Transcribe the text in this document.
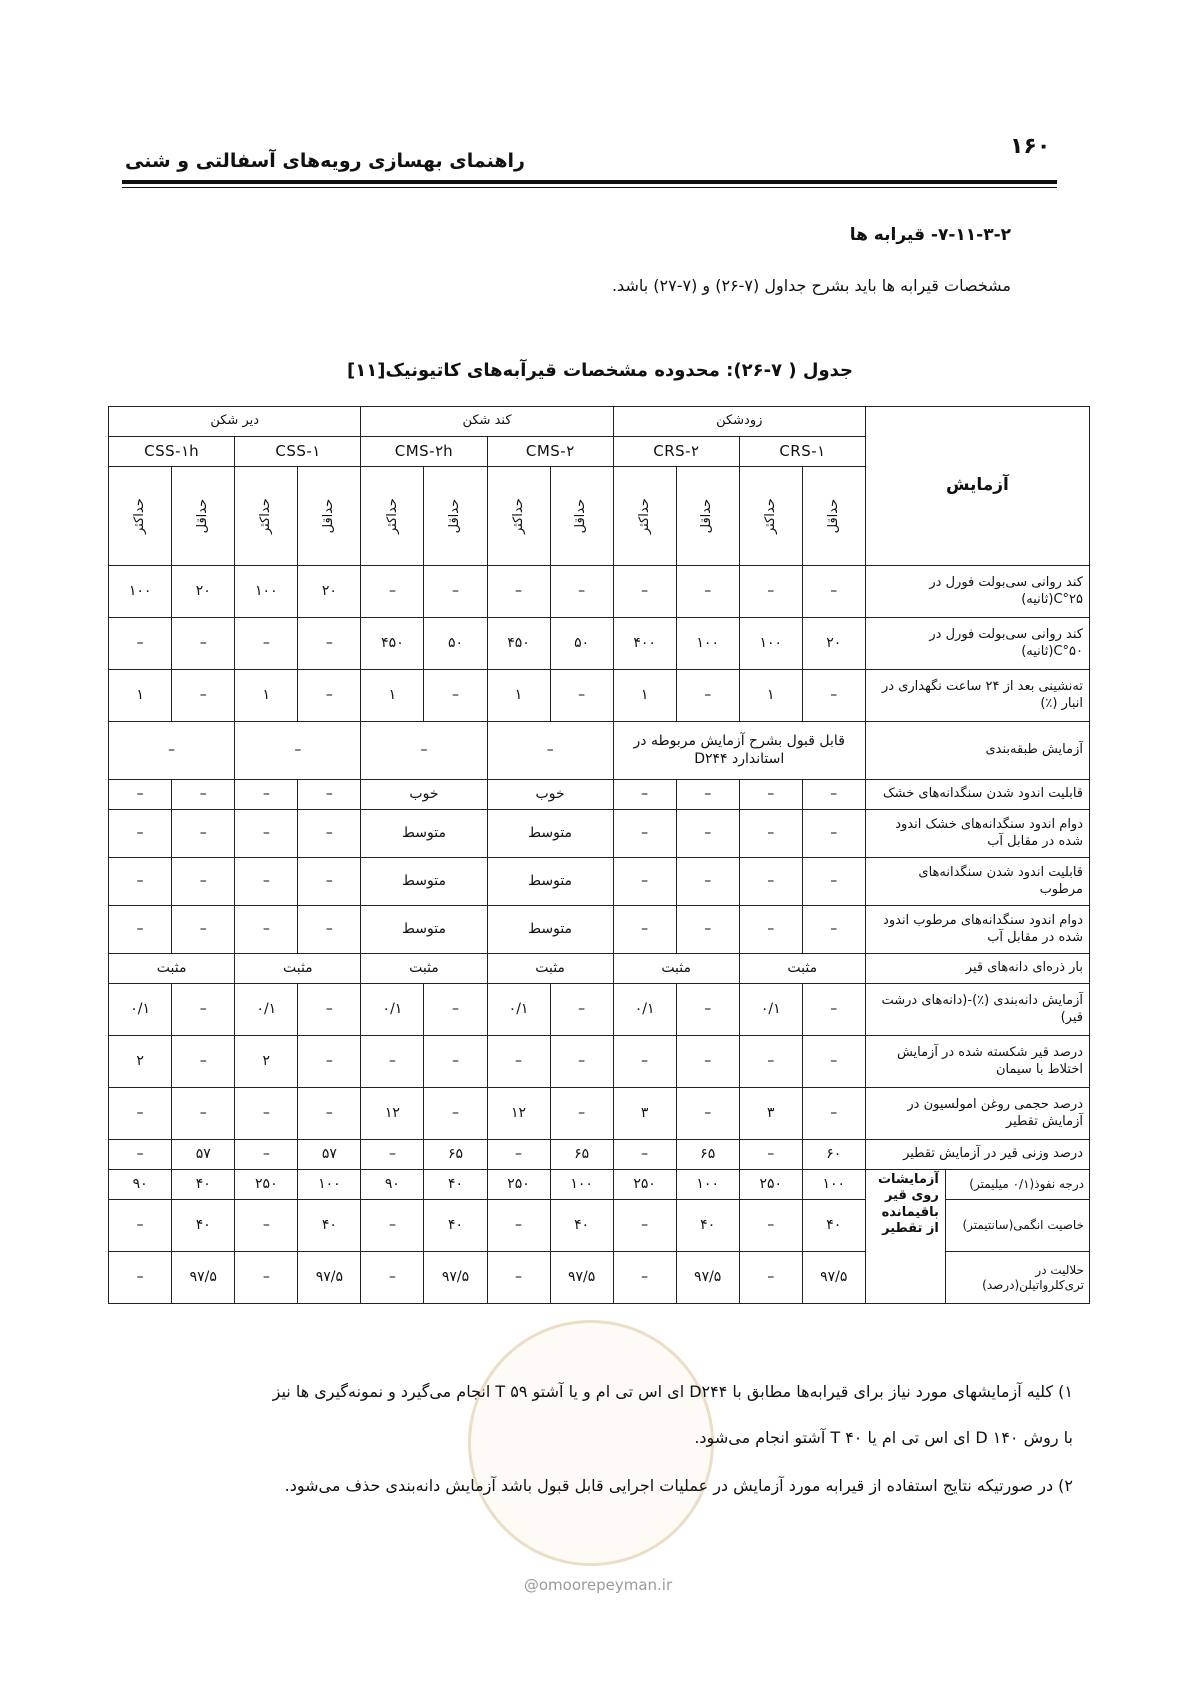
۱۶۰
راهنمای بهسازی رویه‌های آسفالتی و شنی
۷-۱۱-۳-۲- قیرابه ها
مشخصات قیرابه ها باید بشرح جداول (۷-۲۶) و (۷-۲۷) باشد.
جدول ( ۷-۲۶): محدوده مشخصات قیرآبه‌های کاتیونیک[۱۱]
آزمایش		زودشکن				کند شکن				دیر شکن			
		CRS-۱		CRS-۲		CMS-۲		CMS-۲h		CSS-۱		CSS-۱h	
		حداقل	حداکثر	حداقل	حداکثر	حداقل	حداکثر	حداقل	حداکثر	حداقل	حداکثر	حداقل	حداکثر
کند روانی سی‌بولت فورل در ۲۵°C(ثانیه)		–	–	–	–	–	–	–	–	۲۰	۱۰۰	۲۰	۱۰۰
کند روانی سی‌بولت فورل در ۵۰°C(ثانیه)		۲۰	۱۰۰	۱۰۰	۴۰۰	۵۰	۴۵۰	۵۰	۴۵۰	–	–	–	–
ته‌نشینی بعد از ۲۴ ساعت نگهداری در انبار (٪)		–	۱	–	۱	–	۱	–	۱	–	۱	–	۱
آزمایش طبقه‌بندی		قابل قبول بشرح آزمایش مربوطه در استاندارد D۲۴۴				–		–		–		–	
قابلیت اندود شدن سنگدانه‌های خشک		–	–	–	–	خوب		خوب		–	–	–	–
دوام اندود سنگدانه‌های خشک اندود شده در مقابل آب		–	–	–	–	متوسط		متوسط		–	–	–	–
قابلیت اندود شدن سنگدانه‌های مرطوب		–	–	–	–	متوسط		متوسط		–	–	–	–
دوام اندود سنگدانه‌های مرطوب اندود شده در مقابل آب		–	–	–	–	متوسط		متوسط		–	–	–	–
بار ذره‌ای دانه‌های قیر		مثبت		مثبت		مثبت		مثبت		مثبت		مثبت	
آزمایش دانه‌بندی (٪)-(دانه‌های درشت قیر)		–	۰/۱	–	۰/۱	–	۰/۱	–	۰/۱	–	۰/۱	–	۰/۱
درصد قیر شکسته شده در آزمایش اختلاط با سیمان		–	–	–	–	–	–	–	–	–	۲	–	۲
درصد حجمی روغن امولسیون در آزمایش تقطیر		–	۳	–	۳	–	۱۲	–	۱۲	–	–	–	–
درصد وزنی قیر در آزمایش تقطیر		۶۰	–	۶۵	–	۶۵	–	۶۵	–	۵۷	–	۵۷	–
درجه نفوذ(۰/۱ میلیمتر)	آزمایشات روی قیر باقیمانده از تقطیر	۱۰۰	۲۵۰	۱۰۰	۲۵۰	۱۰۰	۲۵۰	۴۰	۹۰	۱۰۰	۲۵۰	۴۰	۹۰
خاصیت انگمی(سانتیمتر)		۴۰	–	۴۰	–	۴۰	–	۴۰	–	۴۰	–	۴۰	–
حلالیت در تری‌کلرواتیلن(درصد)		۹۷/۵	–	۹۷/۵	–	۹۷/۵	–	۹۷/۵	–	۹۷/۵	–	۹۷/۵	–
@omoorepeyman.ir
۱) کلیه آزمایشهای مورد نیاز برای قیرابه‌ها مطابق با D۲۴۴ ای اس تی ام و یا آشتو T ۵۹ انجام می‌گیرد و نمونه‌گیری ها نیز
با روش D ۱۴۰ ای اس تی ام یا T ۴۰ آشتو انجام می‌شود.
۲) در صورتیکه نتایج استفاده از قیرابه مورد آزمایش در عملیات اجرایی قابل قبول باشد آزمایش دانه‌بندی حذف می‌شود.
